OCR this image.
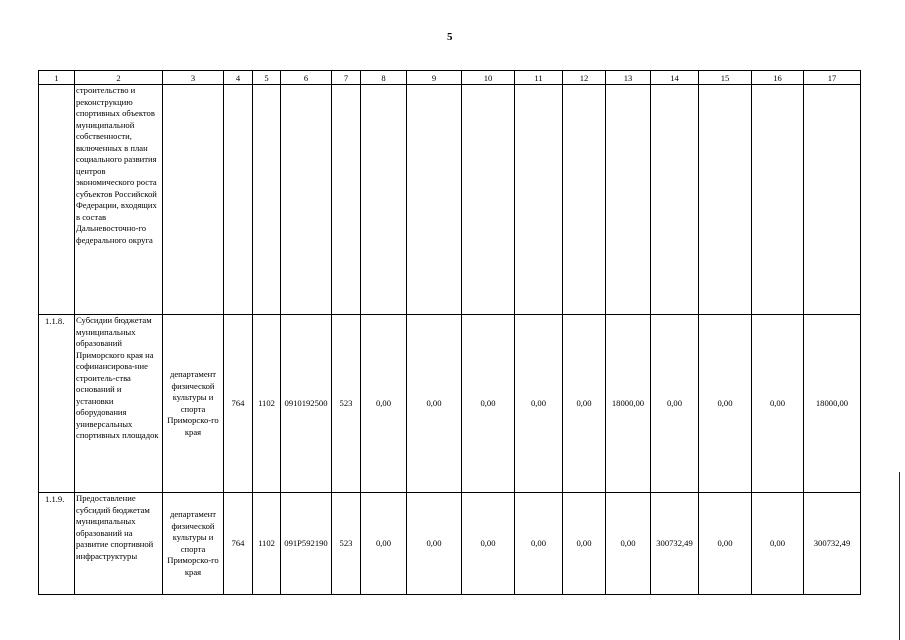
5
1	2	3	4	5	6	7	8	9	10	11	12	13	14	15	16	17
	строительство и реконструкцию спортивных объектов муниципальной собственности, включенных в план социального развития центров экономического роста субъектов Российской Федерации, входящих в состав Дальневосточно-го федерального округа															
1.1.8.	Субсидии бюджетам муниципальных образований Приморского края на софинансирова-ние строитель-ства оснований и установки оборудования универсальных спортивных площадок	департамент физической культуры и спорта Приморско-го края	764	1102	0910192500	523	0,00	0,00	0,00	0,00	0,00	18000,00	0,00	0,00	0,00	18000,00
1.1.9.	Предоставление субсидий бюджетам муниципальных образований на развитие спортивной инфраструктуры	департамент физической культуры и спорта Приморско-го края	764	1102	091Р592190	523	0,00	0,00	0,00	0,00	0,00	0,00	300732,49	0,00	0,00	300732,49
